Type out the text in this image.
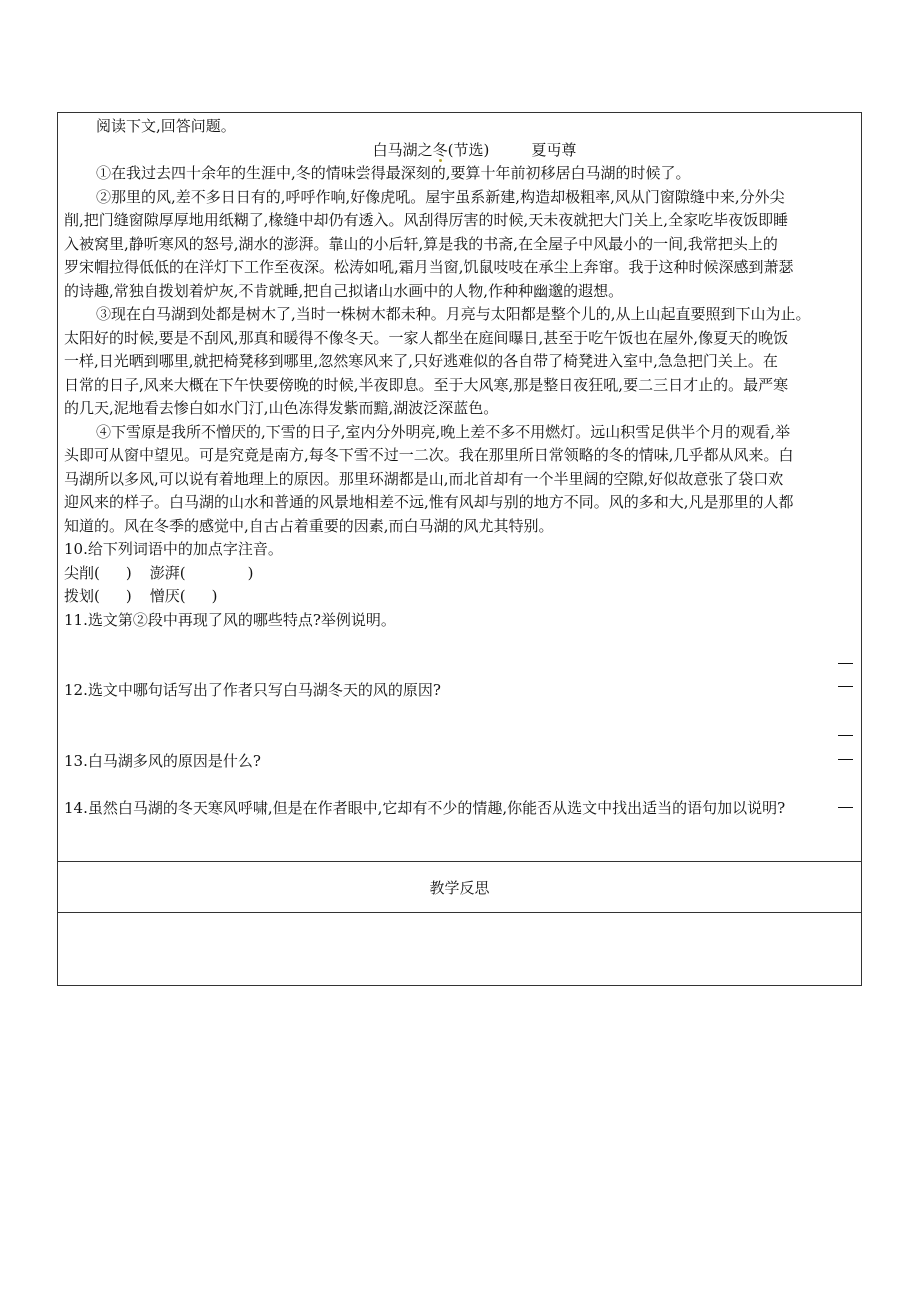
阅读下文,回答问题。
白马湖之冬(节选)	夏丏尊
①在我过去四十余年的生涯中,冬的情味尝得最深刻的,要算十年前初移居白马湖的时候了。
②那里的风,差不多日日有的,呼呼作响,好像虎吼。屋宇虽系新建,构造却极粗率,风从门窗隙缝中来,分外尖
削,把门缝窗隙厚厚地用纸糊了,椽缝中却仍有透入。风刮得厉害的时候,天未夜就把大门关上,全家吃毕夜饭即睡
入被窝里,静听寒风的怒号,湖水的澎湃。靠山的小后轩,算是我的书斋,在全屋子中风最小的一间,我常把头上的
罗宋帽拉得低低的在洋灯下工作至夜深。松涛如吼,霜月当窗,饥鼠吱吱在承尘上奔窜。我于这种时候深感到萧瑟
的诗趣,常独自拨划着炉灰,不肯就睡,把自己拟诸山水画中的人物,作种种幽邈的遐想。
③现在白马湖到处都是树木了,当时一株树木都未种。月亮与太阳都是整个儿的,从上山起直要照到下山为止。
太阳好的时候,要是不刮风,那真和暖得不像冬天。一家人都坐在庭间曝日,甚至于吃午饭也在屋外,像夏天的晚饭
一样,日光晒到哪里,就把椅凳移到哪里,忽然寒风来了,只好逃难似的各自带了椅凳进入室中,急急把门关上。在
日常的日子,风来大概在下午快要傍晚的时候,半夜即息。至于大风寒,那是整日夜狂吼,要二三日才止的。最严寒
的几天,泥地看去惨白如水门汀,山色冻得发紫而黯,湖波泛深蓝色。
④下雪原是我所不憎厌的,下雪的日子,室内分外明亮,晚上差不多不用燃灯。远山积雪足供半个月的观看,举
头即可从窗中望见。可是究竟是南方,每冬下雪不过一二次。我在那里所日常领略的冬的情味,几乎都从风来。白
马湖所以多风,可以说有着地理上的原因。那里环湖都是山,而北首却有一个半里阔的空隙,好似故意张了袋口欢
迎风来的样子。白马湖的山水和普通的风景地相差不远,惟有风却与别的地方不同。风的多和大,凡是那里的人都
知道的。风在冬季的感觉中,自古占着重要的因素,而白马湖的风尤其特别。
10.给下列词语中的加点字注音。
尖削( ) 澎湃(	)
拨划( ) 憎厌( )
11.选文第②段中再现了风的哪些特点?举例说明。
12.选文中哪句话写出了作者只写白马湖冬天的风的原因?
13.白马湖多风的原因是什么?
14.虽然白马湖的冬天寒风呼啸,但是在作者眼中,它却有不少的情趣,你能否从选文中找出适当的语句加以说明?
教学反思
